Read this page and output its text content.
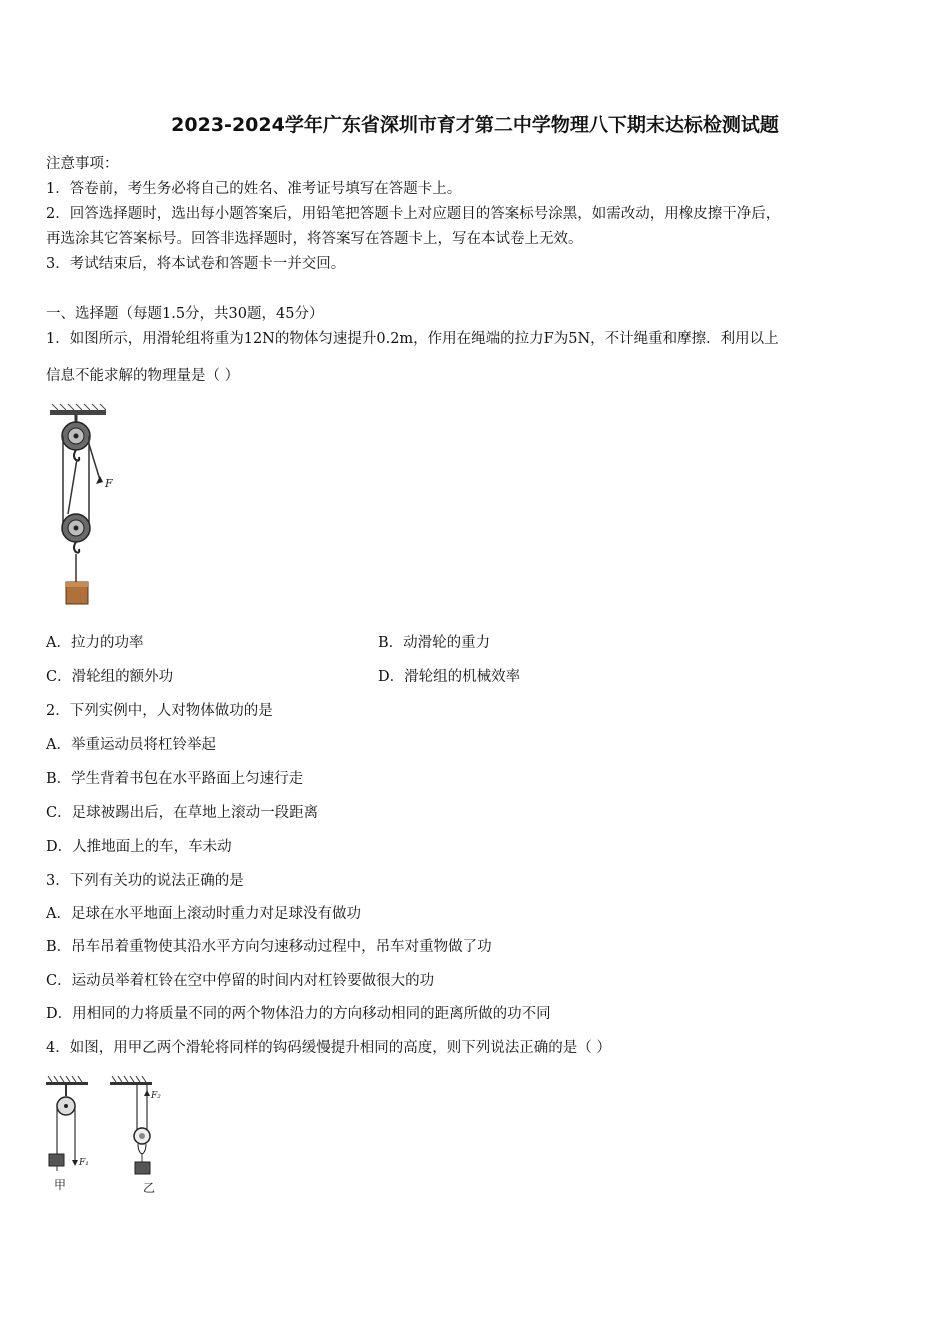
2023-2024学年广东省深圳市育才第二中学物理八下期末达标检测试题
注意事项：
1．答卷前，考生务必将自己的姓名、准考证号填写在答题卡上。
2．回答选择题时，选出每小题答案后，用铅笔把答题卡上对应题目的答案标号涂黑，如需改动，用橡皮擦干净后，
再选涂其它答案标号。回答非选择题时，将答案写在答题卡上，写在本试卷上无效。
3．考试结束后，将本试卷和答题卡一并交回。
一、选择题（每题1.5分，共30题，45分）
1．如图所示，用滑轮组将重为12N的物体匀速提升0.2m，作用在绳端的拉力F为5N，不计绳重和摩擦．利用以上
信息不能求解的物理量是（ ）
F
A．拉力的功率	B．动滑轮的重力
C．滑轮组的额外功	D．滑轮组的机械效率
2．下列实例中，人对物体做功的是
A．举重运动员将杠铃举起
B．学生背着书包在水平路面上匀速行走
C．足球被踢出后，在草地上滚动一段距离
D．人推地面上的车，车未动
3．下列有关功的说法正确的是
A．足球在水平地面上滚动时重力对足球没有做功
B．吊车吊着重物使其沿水平方向匀速移动过程中，吊车对重物做了功
C．运动员举着杠铃在空中停留的时间内对杠铃要做很大的功
D．用相同的力将质量不同的两个物体沿力的方向移动相同的距离所做的功不同
4．如图，用甲乙两个滑轮将同样的钩码缓慢提升相同的高度，则下列说法正确的是（ ）
F₁
甲
F₂
乙
